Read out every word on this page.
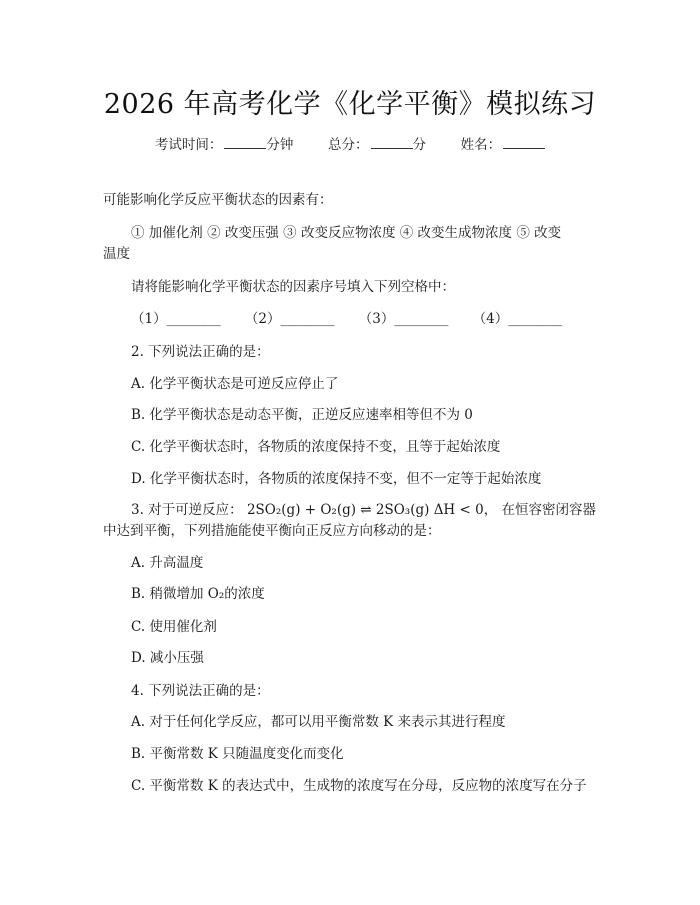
2026 年高考化学《化学平衡》模拟练习
考试时间：	分钟	总分：	分	姓名：
可能影响化学反应平衡状态的因素有：
① 加催化剂 ② 改变压强 ③ 改变反应物浓度 ④ 改变生成物浓度 ⑤ 改变
温度
请将能影响化学平衡状态的因素序号填入下列空格中：
（1）________ （2）________ （3）________ （4）________
2. 下列说法正确的是：
A. 化学平衡状态是可逆反应停止了
B. 化学平衡状态是动态平衡，正逆反应速率相等但不为 0
C. 化学平衡状态时，各物质的浓度保持不变，且等于起始浓度
D. 化学平衡状态时，各物质的浓度保持不变，但不一定等于起始浓度
3. 对于可逆反应： 2SO₂(g) + O₂(g) ⇌ 2SO₃(g) ΔH < 0， 在恒容密闭容器
中达到平衡，下列措施能使平衡向正反应方向移动的是：
A. 升高温度
B. 稍微增加 O₂的浓度
C. 使用催化剂
D. 减小压强
4. 下列说法正确的是：
A. 对于任何化学反应，都可以用平衡常数 K 来表示其进行程度
B. 平衡常数 K 只随温度变化而变化
C. 平衡常数 K 的表达式中，生成物的浓度写在分母，反应物的浓度写在分子
